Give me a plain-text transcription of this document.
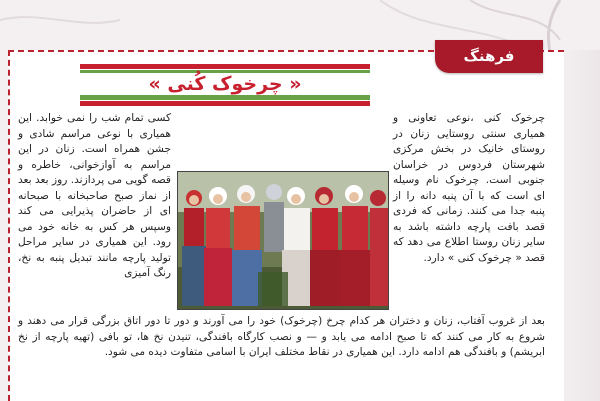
فرهنگ
« چرخوک کُنی »

چرخوک کنی ،نوعی تعاونی و همیاری سنتی روستایی زنان در روستای خانیک در بخش مرکزی شهرستان فردوس در خراسان جنوبی است. چرخوک نام وسیله ای است که با آن پنبه دانه را از پنبه جدا می کنند. زمانی که فردی قصد بافت پارچه داشته باشد به سایر زنان روستا اطلاع می دهد که قصد « چرخوک کنی » دارد.

کسی تمام شب را نمی خوابد. این همیاری با نوعی مراسم شادی و جشن همراه است. زنان در این مراسم به آوازخوانی، خاطره و قصه گویی می پردازند. روز بعد بعد از نماز صبح صاحبخانه با صبحانه ای از حاضران پذیرایی می کند وسپس هر کس به خانه خود می رود. این همیاری در سایر مراحل تولید پارچه مانند تبدیل پنبه به نخ، رنگ آمیزی

بعد از غروب آفتاب، زنان و دختران هر کدام چرخ (چرخوک) خود را می آورند و دور تا دور اتاق بزرگی قرار می دهند و شروع به کار می کنند که تا صبح ادامه می یابد و — و نصب کارگاه بافندگی، تنیدن نخ ها، تو بافی (تهیه پارچه از نخ ابریشم) و بافندگی هم ادامه دارد. این همیاری در نقاط مختلف ایران با اسامی متفاوت دیده می شود.
